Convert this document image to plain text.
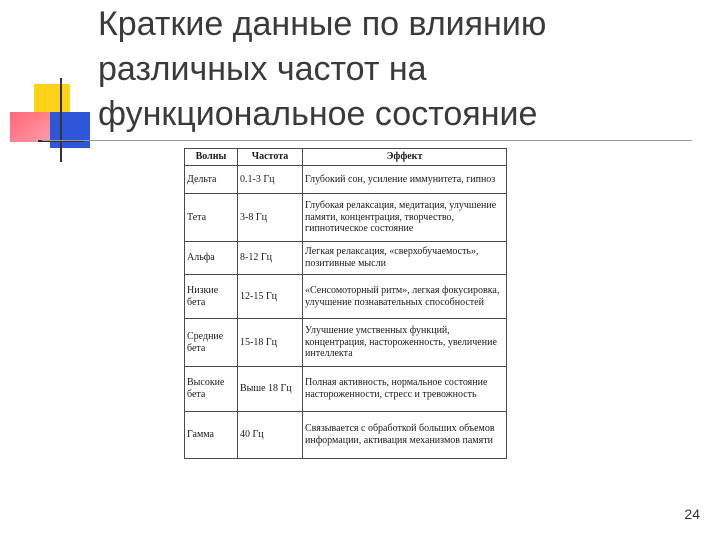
Краткие данные по влиянию
различных частот на
функциональное состояние
Волны	Частота	Эффект
Дельта	0.1-3 Гц	Глубокий сон, усиление иммунитета, гипноз
Тета	3-8 Гц	Глубокая релаксация, медитация, улучшение памяти, концентрация, творчество, гипнотическое состояние
Альфа	8-12 Гц	Легкая релаксация, «сверхобучаемость», позитивные мысли
Низкие бета	12-15 Гц	«Сенсомоторный ритм», легкая фокусировка, улучшение познавательных способностей
Средние бета	15-18 Гц	Улучшение умственных функций, концентрация, настороженность, увеличение интеллекта
Высокие бета	Выше 18 Гц	Полная активность, нормальное состояние настороженности, стресс и тревожность
Гамма	40 Гц	Связывается с обработкой больших объемов информации, активация механизмов памяти
24
